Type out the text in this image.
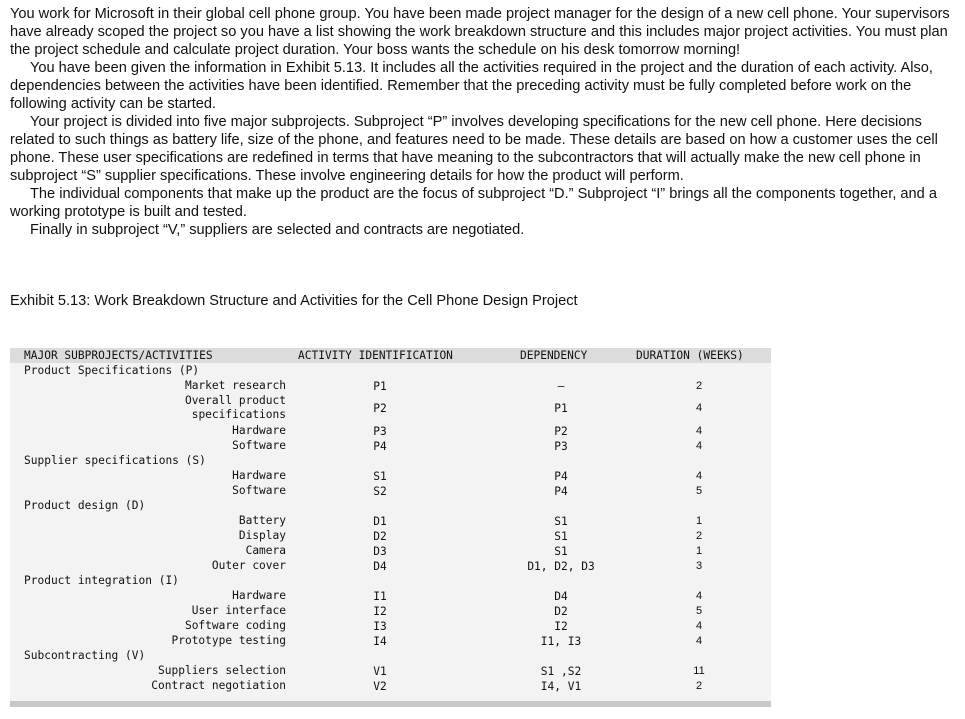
You work for Microsoft in their global cell phone group. You have been made project manager for the design of a new cell phone. Your supervisors have already scoped the project so you have a list showing the work breakdown structure and this includes major project activities. You must plan the project schedule and calculate project duration. Your boss wants the schedule on his desk tomorrow morning!

You have been given the information in Exhibit 5.13. It includes all the activities required in the project and the duration of each activity. Also, dependencies between the activities have been identified. Remember that the preceding activity must be fully completed before work on the following activity can be started.

Your project is divided into five major subprojects. Subproject “P” involves developing specifications for the new cell phone. Here decisions related to such things as battery life, size of the phone, and features need to be made. These details are based on how a customer uses the cell phone. These user specifications are redefined in terms that have meaning to the subcontractors that will actually make the new cell phone in subproject “S” supplier specifications. These involve engineering details for how the product will perform.

The individual components that make up the product are the focus of subproject “D.” Subproject “I” brings all the components together, and a working prototype is built and tested.

Finally in subproject “V,” suppliers are selected and contracts are negotiated.

Exhibit 5.13: Work Breakdown Structure and Activities for the Cell Phone Design Project
MAJOR SUBPROJECTS/ACTIVITIES	ACTIVITY IDENTIFICATION	DEPENDENCY	DURATION (WEEKS)
Product Specifications (P)
Market research	P1	—	2
Overall product
specifications	P2	P1	4
Hardware	P3	P2	4
Software	P4	P3	4
Supplier specifications (S)
Hardware	S1	P4	4
Software	S2	P4	5
Product design (D)
Battery	D1	S1	1
Display	D2	S1	2
Camera	D3	S1	1
Outer cover	D4	D1, D2, D3	3
Product integration (I)
Hardware	I1	D4	4
User interface	I2	D2	5
Software coding	I3	I2	4
Prototype testing	I4	I1, I3	4
Subcontracting (V)
Suppliers selection	V1	S1 ,S2	11
Contract negotiation	V2	I4, V1	2
